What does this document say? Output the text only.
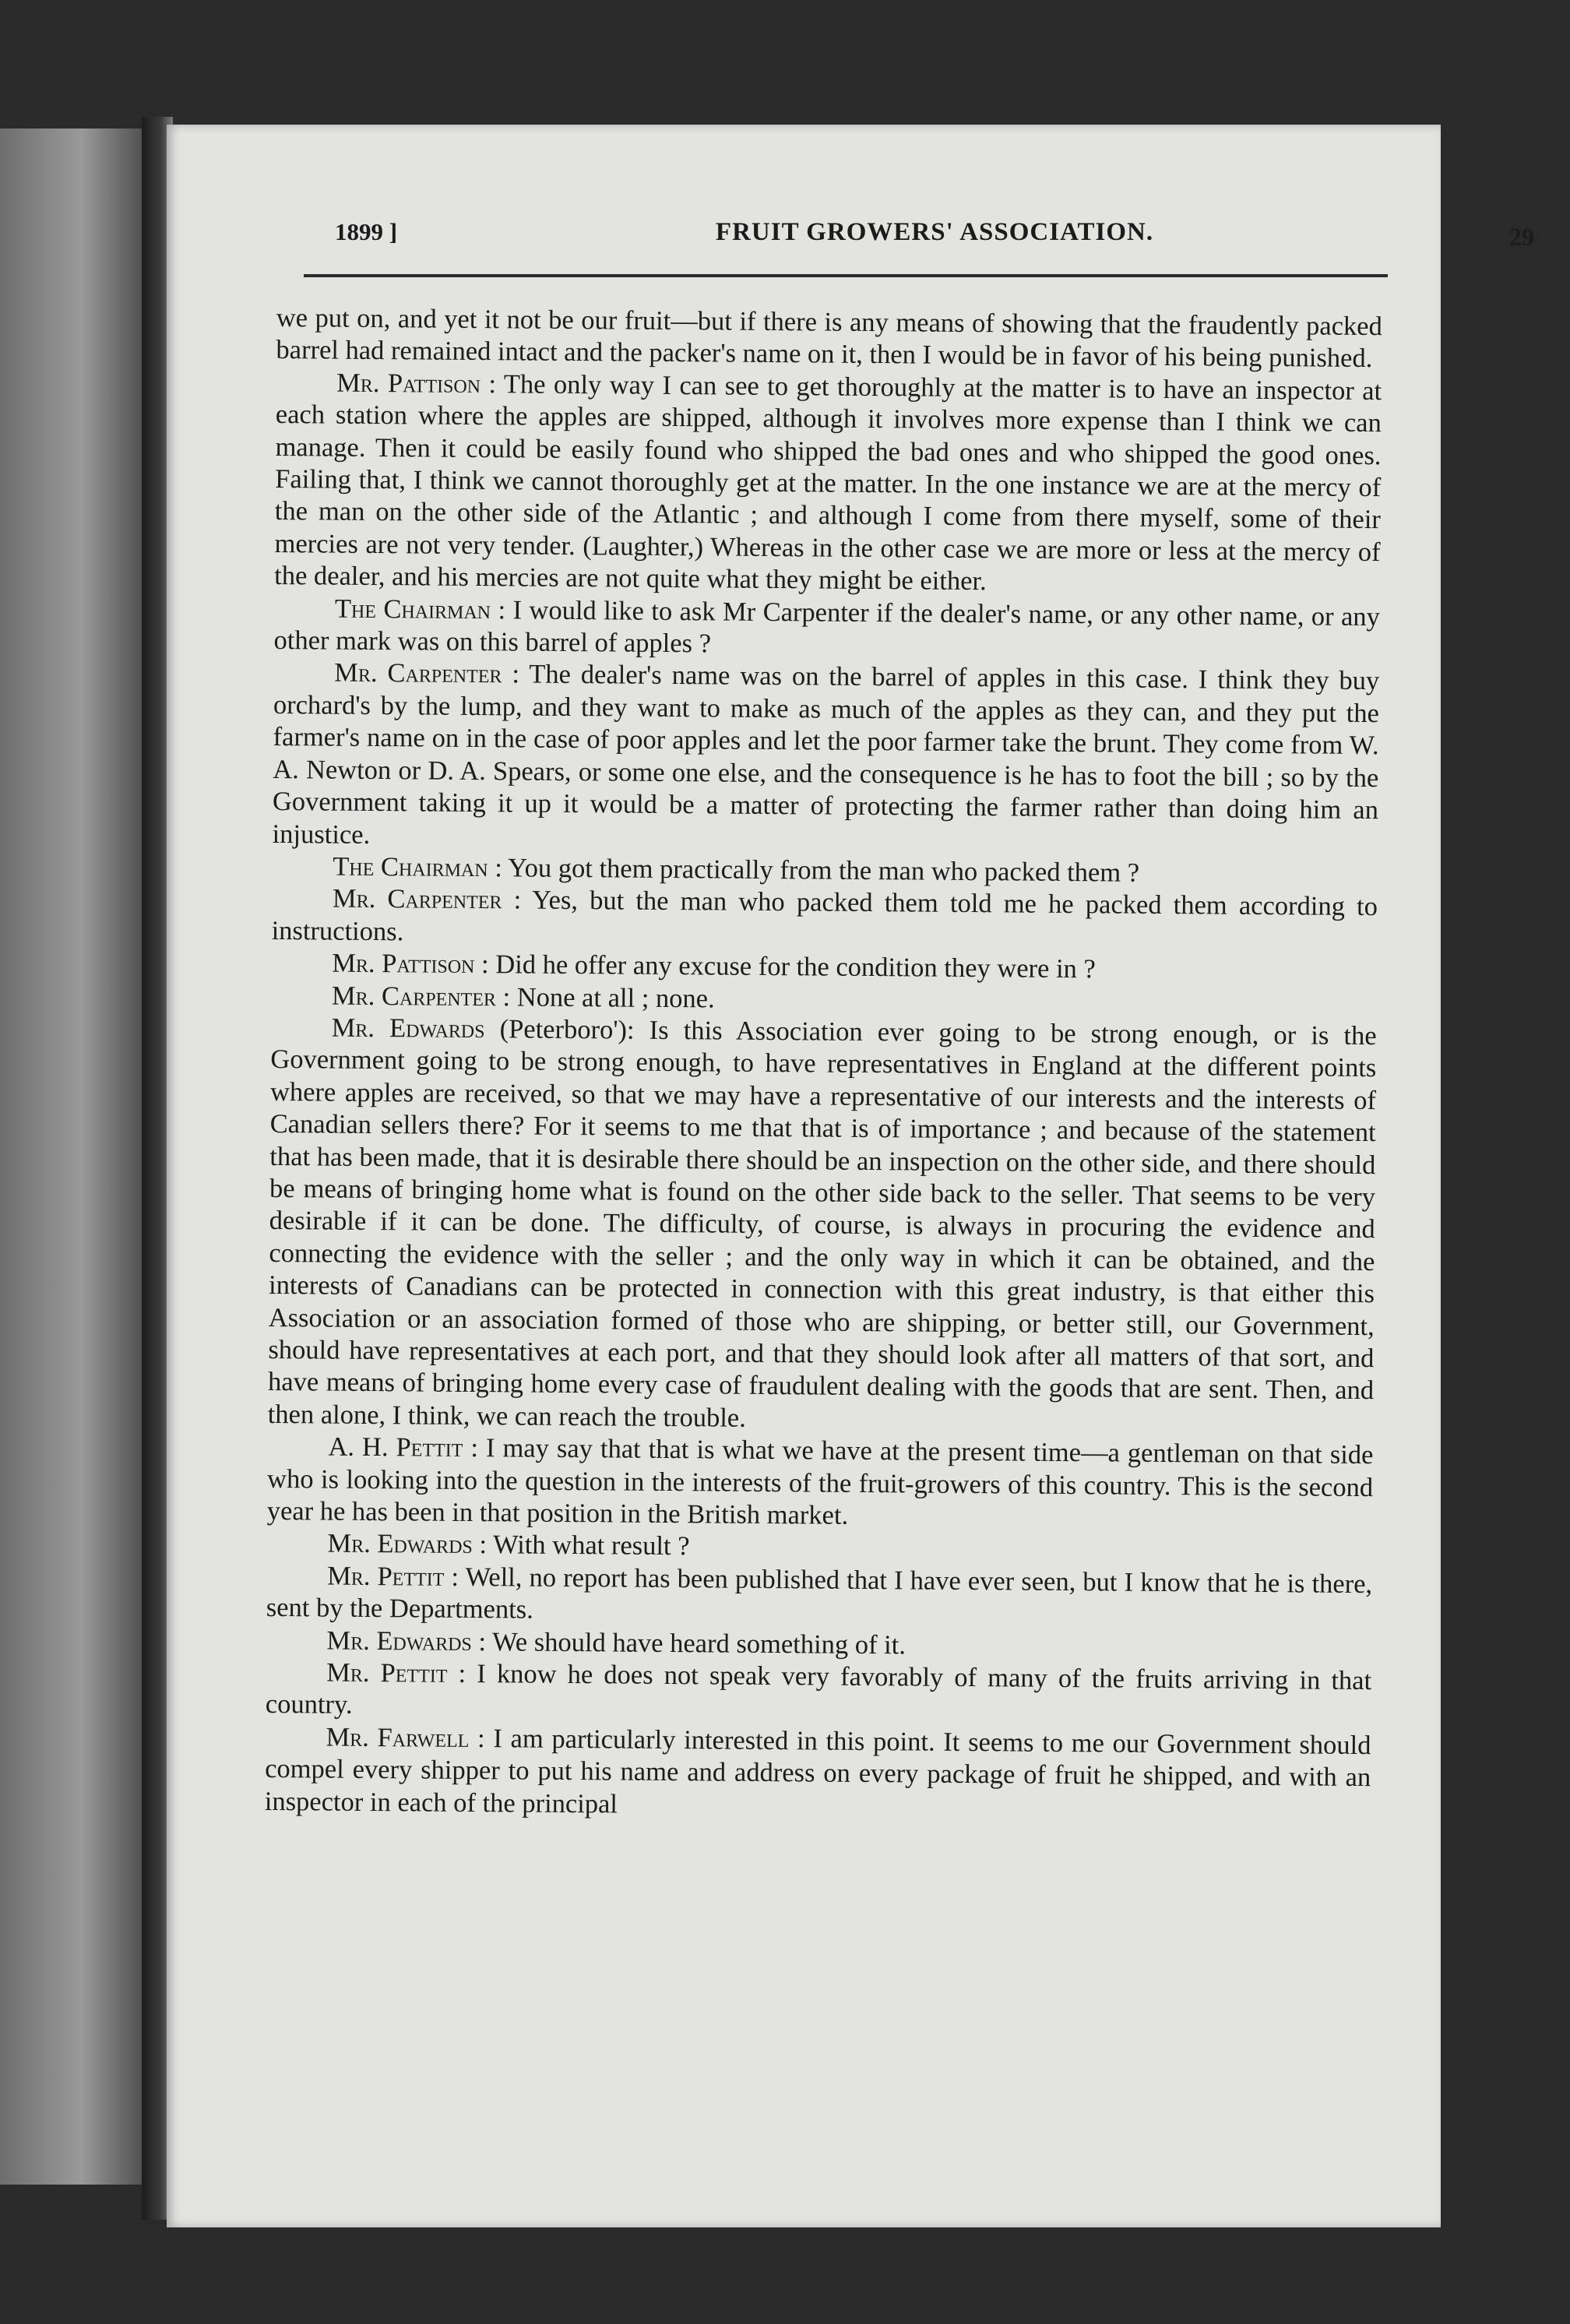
1899 ]	FRUIT GROWERS' ASSOCIATION.	29

we put on, and yet it not be our fruit—but if there is any means of showing that the fraudently packed barrel had remained intact and the packer's name on it, then I would be in favor of his being punished.

Mr. Pattison : The only way I can see to get thoroughly at the matter is to have an inspector at each station where the apples are shipped, although it involves more expense than I think we can manage. Then it could be easily found who shipped the bad ones and who shipped the good ones. Failing that, I think we cannot thoroughly get at the matter. In the one instance we are at the mercy of the man on the other side of the Atlantic ; and although I come from there myself, some of their mercies are not very tender. (Laughter,) Whereas in the other case we are more or less at the mercy of the dealer, and his mercies are not quite what they might be either.

The Chairman : I would like to ask Mr Carpenter if the dealer's name, or any other name, or any other mark was on this barrel of apples ?

Mr. Carpenter : The dealer's name was on the barrel of apples in this case. I think they buy orchard's by the lump, and they want to make as much of the apples as they can, and they put the farmer's name on in the case of poor apples and let the poor farmer take the brunt. They come from W. A. Newton or D. A. Spears, or some one else, and the consequence is he has to foot the bill ; so by the Government taking it up it would be a matter of protecting the farmer rather than doing him an injustice.

The Chairman : You got them practically from the man who packed them ?

Mr. Carpenter : Yes, but the man who packed them told me he packed them according to instructions.

Mr. Pattison : Did he offer any excuse for the condition they were in ?

Mr. Carpenter : None at all ; none.

Mr. Edwards (Peterboro'): Is this Association ever going to be strong enough, or is the Government going to be strong enough, to have representatives in England at the different points where apples are received, so that we may have a representative of our interests and the interests of Canadian sellers there? For it seems to me that that is of importance ; and because of the statement that has been made, that it is desirable there should be an inspection on the other side, and there should be means of bringing home what is found on the other side back to the seller. That seems to be very desirable if it can be done. The difficulty, of course, is always in procuring the evidence and connecting the evidence with the seller ; and the only way in which it can be obtained, and the interests of Canadians can be protected in connection with this great industry, is that either this Association or an association formed of those who are shipping, or better still, our Government, should have representatives at each port, and that they should look after all matters of that sort, and have means of bringing home every case of fraudulent dealing with the goods that are sent. Then, and then alone, I think, we can reach the trouble.

A. H. Pettit : I may say that that is what we have at the present time—a gentleman on that side who is looking into the question in the interests of the fruit-growers of this country. This is the second year he has been in that position in the British market.

Mr. Edwards : With what result ?

Mr. Pettit : Well, no report has been published that I have ever seen, but I know that he is there, sent by the Departments.

Mr. Edwards : We should have heard something of it.

Mr. Pettit : I know he does not speak very favorably of many of the fruits arriving in that country.

Mr. Farwell : I am particularly interested in this point. It seems to me our Government should compel every shipper to put his name and address on every package of fruit he shipped, and with an inspector in each of the principal
